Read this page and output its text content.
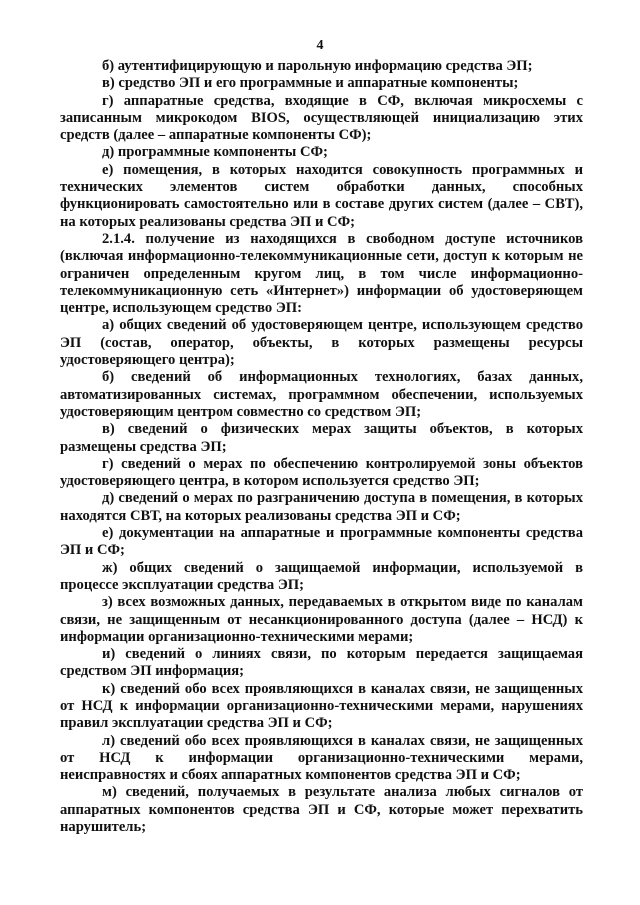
4

б) аутентифицирующую и парольную информацию средства ЭП;

в) средство ЭП и его программные и аппаратные компоненты;

г) аппаратные средства, входящие в СФ, включая микросхемы с записанным микрокодом BIOS, осуществляющей инициализацию этих средств (далее – аппаратные компоненты СФ);

д) программные компоненты СФ;

е) помещения, в которых находится совокупность программных и технических элементов систем обработки данных, способных функционировать самостоятельно или в составе других систем (далее – СВТ), на которых реализованы средства ЭП и СФ;

2.1.4. получение из находящихся в свободном доступе источников (включая информационно-телекоммуникационные сети, доступ к которым не ограничен определенным кругом лиц, в том числе информационно-телекоммуникационную сеть «Интернет») информации об удостоверяющем центре, использующем средство ЭП:

а) общих сведений об удостоверяющем центре, использующем средство ЭП (состав, оператор, объекты, в которых размещены ресурсы удостоверяющего центра);

б) сведений об информационных технологиях, базах данных, автоматизированных системах, программном обеспечении, используемых удостоверяющим центром совместно со средством ЭП;

в) сведений о физических мерах защиты объектов, в которых размещены средства ЭП;

г) сведений о мерах по обеспечению контролируемой зоны объектов удостоверяющего центра, в котором используется средство ЭП;

д) сведений о мерах по разграничению доступа в помещения, в которых находятся СВТ, на которых реализованы средства ЭП и СФ;

е) документации на аппаратные и программные компоненты средства ЭП и СФ;

ж) общих сведений о защищаемой информации, используемой в процессе эксплуатации средства ЭП;

з) всех возможных данных, передаваемых в открытом виде по каналам связи, не защищенным от несанкционированного доступа (далее – НСД) к информации организационно-техническими мерами;

и) сведений о линиях связи, по которым передается защищаемая средством ЭП информация;

к) сведений обо всех проявляющихся в каналах связи, не защищенных от НСД к информации организационно-техническими мерами, нарушениях правил эксплуатации средства ЭП и СФ;

л) сведений обо всех проявляющихся в каналах связи, не защищенных от НСД к информации организационно-техническими мерами, неисправностях и сбоях аппаратных компонентов средства ЭП и СФ;

м) сведений, получаемых в результате анализа любых сигналов от аппаратных компонентов средства ЭП и СФ, которые может перехватить нарушитель;
